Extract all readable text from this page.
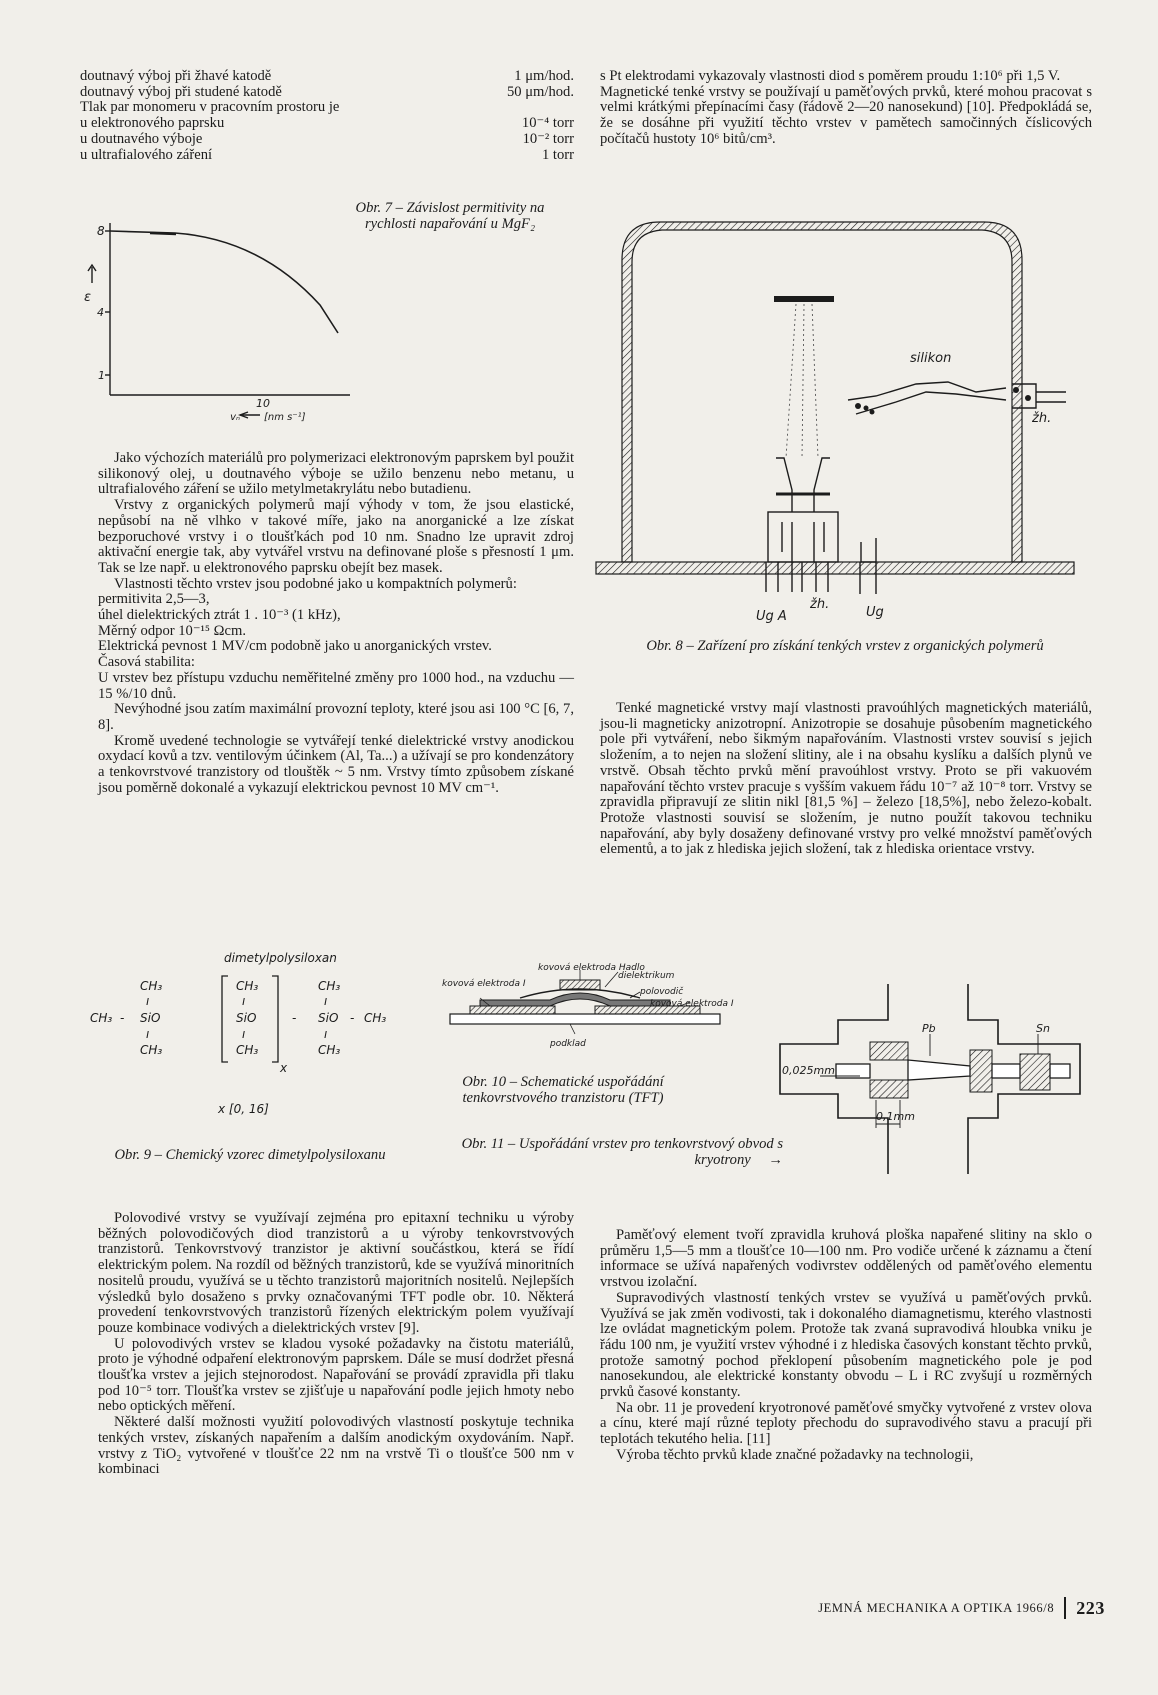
doutnavý výboj při žhavé katodě	1 μm/hod.
doutnavý výboj při studené katodě	50 μm/hod.
Tlak par monomeru v pracovním prostoru je
u elektronového paprsku	10⁻⁴ torr
u doutnavého výboje	10⁻² torr
u ultrafialového záření	1 torr
8
4
ε
1
10
vₙ [nm s⁻¹]
Obr. 7 – Závislost permitivity na rychlosti napařování u MgF₂

Jako výchozích materiálů pro polymerizaci elektronovým paprskem byl použit silikonový olej, u doutnavého výboje se užilo benzenu nebo metanu, u ultrafialového záření se užilo metylmetakrylátu nebo butadienu.

Vrstvy z organických polymerů mají výhody v tom, že jsou elastické, nepůsobí na ně vlhko v takové míře, jako na anorganické a lze získat bezporuchové vrstvy i o tloušťkách pod 10 nm. Snadno lze upravit zdroj aktivační energie tak, aby vytvářel vrstvu na definované ploše s přesností 1 μm. Tak se lze např. u elektronového paprsku obejít bez masek.

Vlastnosti těchto vrstev jsou podobné jako u kompaktních polymerů:

permitivita 2,5—3,

úhel dielektrických ztrát 1 . 10⁻³ (1 kHz),

Měrný odpor 10⁻¹⁵ Ωcm.

Elektrická pevnost 1 MV/cm podobně jako u anorganických vrstev.

Časová stabilita:

U vrstev bez přístupu vzduchu neměřitelné změny pro 1000 hod., na vzduchu —15 %/10 dnů.

Nevýhodné jsou zatím maximální provozní teploty, které jsou asi 100 °C [6, 7, 8].

Kromě uvedené technologie se vytvářejí tenké dielektrické vrstvy anodickou oxydací kovů a tzv. ventilovým účinkem (Al, Ta...) a užívají se pro kondenzátory a tenkovrstvové tranzistory od tlouštěk ~ 5 nm. Vrstvy tímto způsobem získané jsou poměrně dokonalé a vykazují elektrickou pevnost 10 MV cm⁻¹.

dimetylpolysiloxan
CH₃
ı
CH₃ - SiO
ı
CH₃
CH₃
ı
SiO
ı
CH₃
x
CH₃
ı
- SiO - CH₃
ı
CH₃
x [0, 16]
Obr. 9 – Chemický vzorec dimetylpolysiloxanu
kovová elektroda Hadlo
dielektrikum
kovová elektroda I
polovodič
kovová elektroda I
podklad
Obr. 10 – Schematické uspořádání tenkovrstvového tranzistoru (TFT)
Obr. 11 – Uspořádání vrstev pro tenkovrstvový obvod s kryotrony →

Polovodivé vrstvy se využívají zejména pro epitaxní techniku u výroby běžných polovodičových diod tranzistorů a u výroby tenkovrstvových tranzistorů. Tenkovrstvový tranzistor je aktivní součástkou, která se řídí elektrickým polem. Na rozdíl od běžných tranzistorů, kde se využívá minoritních nositelů proudu, využívá se u těchto tranzistorů majoritních nositelů. Nejlepších výsledků bylo dosaženo s prvky označovanými TFT podle obr. 10. Některá provedení tenkovrstvových tranzistorů řízených elektrickým polem využívají pouze kombinace vodivých a dielektrických vrstev [9].

U polovodivých vrstev se kladou vysoké požadavky na čistotu materiálů, proto je výhodné odpaření elektronovým paprskem. Dále se musí dodržet přesná tloušťka vrstev a jejich stejnorodost. Napařování se provádí zpravidla při tlaku pod 10⁻⁵ torr. Tloušťka vrstev se zjišťuje u napařování podle jejich hmoty nebo nebo optických měření.

Některé další možnosti využití polovodivých vlastností poskytuje technika tenkých vrstev, získaných napařením a dalším anodickým oxydováním. Např. vrstvy z TiO₂ vytvořené v tloušťce 22 nm na vrstvě Ti o tloušťce 500 nm v kombinaci

s Pt elektrodami vykazovaly vlastnosti diod s poměrem proudu 1:10⁶ při 1,5 V.

Magnetické tenké vrstvy se používají u paměťových prvků, které mohou pracovat s velmi krátkými přepínacími časy (řádově 2—20 nanosekund) [10]. Předpokládá se, že se dosáhne při využití těchto vrstev v pamětech samočinných číslicových počítačů hustoty 10⁶ bitů/cm³.

silikon
žh.
Ug A
žh.
Ug
Obr. 8 – Zařízení pro získání tenkých vrstev z organických polymerů

Tenké magnetické vrstvy mají vlastnosti pravoúhlých magnetických materiálů, jsou-li magneticky anizotropní. Anizotropie se dosahuje působením magnetického pole při vytváření, nebo šikmým napařováním. Vlastnosti vrstev souvisí s jejich složením, a to nejen na složení slitiny, ale i na obsahu kyslíku a dalších plynů ve vrstvě. Obsah těchto prvků mění pravoúhlost vrstvy. Proto se při vakuovém napařování těchto vrstev pracuje s vyšším vakuem řádu 10⁻⁷ až 10⁻⁸ torr. Vrstvy se zpravidla připravují ze slitin nikl [81,5 %] – železo [18,5%], nebo železo-kobalt. Protože vlastnosti souvisí se složením, je nutno použít takovou techniku napařování, aby byly dosaženy definované vrstvy pro velké množství paměťových elementů, a to jak z hlediska jejich složení, tak z hlediska orientace vrstvy.

Pb	Sn
0,025mm
0,1mm

Paměťový element tvoří zpravidla kruhová ploška napařené slitiny na sklo o průměru 1,5—5 mm a tloušťce 10—100 nm. Pro vodiče určené k záznamu a čtení informace se užívá napařených vodivrstev oddělených od paměťového elementu vrstvou izolační.

Supravodivých vlastností tenkých vrstev se využívá u paměťových prvků. Využívá se jak změn vodivosti, tak i dokonalého diamagnetismu, kterého vlastnosti lze ovládat magnetickým polem. Protože tak zvaná supravodivá hloubka vniku je řádu 100 nm, je využití vrstev výhodné i z hlediska časových konstant těchto prvků, protože samotný pochod překlopení působením magnetického pole je pod nanosekundou, ale elektrické konstanty obvodu – L i RC zvyšují u rozměrných prvků časové konstanty.

Na obr. 11 je provedení kryotronové paměťové smyčky vytvořené z vrstev olova a cínu, které mají různé teploty přechodu do supravodivého stavu a pracují při teplotách tekutého helia. [11]

Výroba těchto prvků klade značné požadavky na technologii,

JEMNÁ MECHANIKA A OPTIKA 1966/8	223
